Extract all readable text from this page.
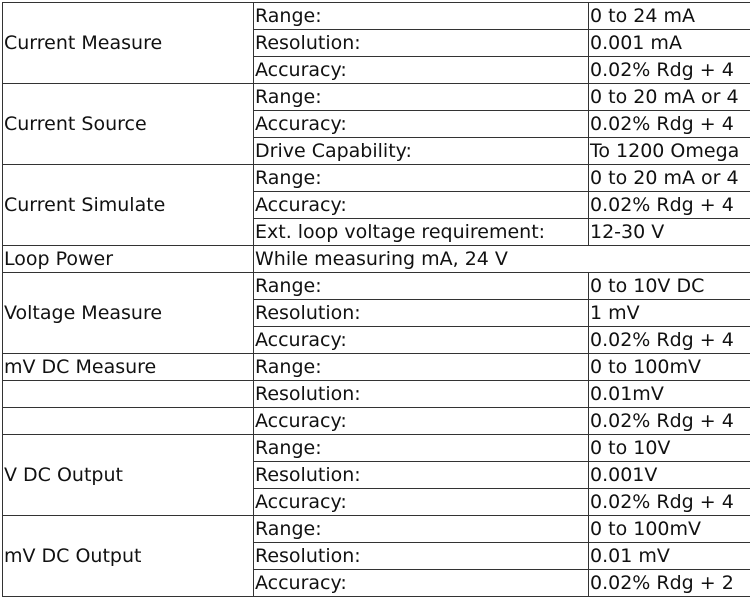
Current Measure	Range:	0 to 24 mA
	Resolution:	0.001 mA
	Accuracy:	0.02% Rdg + 4
Current Source	Range:	0 to 20 mA or 4
	Accuracy:	0.02% Rdg + 4
	Drive Capability:	To 1200 Omega
Current Simulate	Range:	0 to 20 mA or 4
	Accuracy:	0.02% Rdg + 4
	Ext. loop voltage requirement:	12-30 V
Loop Power	While measuring mA, 24 V	
Voltage Measure	Range:	0 to 10V DC
	Resolution:	1 mV
	Accuracy:	0.02% Rdg + 4
mV DC Measure	Range:	0 to 100mV
	Resolution:	0.01mV
	Accuracy:	0.02% Rdg + 4
V DC Output	Range:	0 to 10V
	Resolution:	0.001V
	Accuracy:	0.02% Rdg + 4
mV DC Output	Range:	0 to 100mV
	Resolution:	0.01 mV
	Accuracy:	0.02% Rdg + 2
